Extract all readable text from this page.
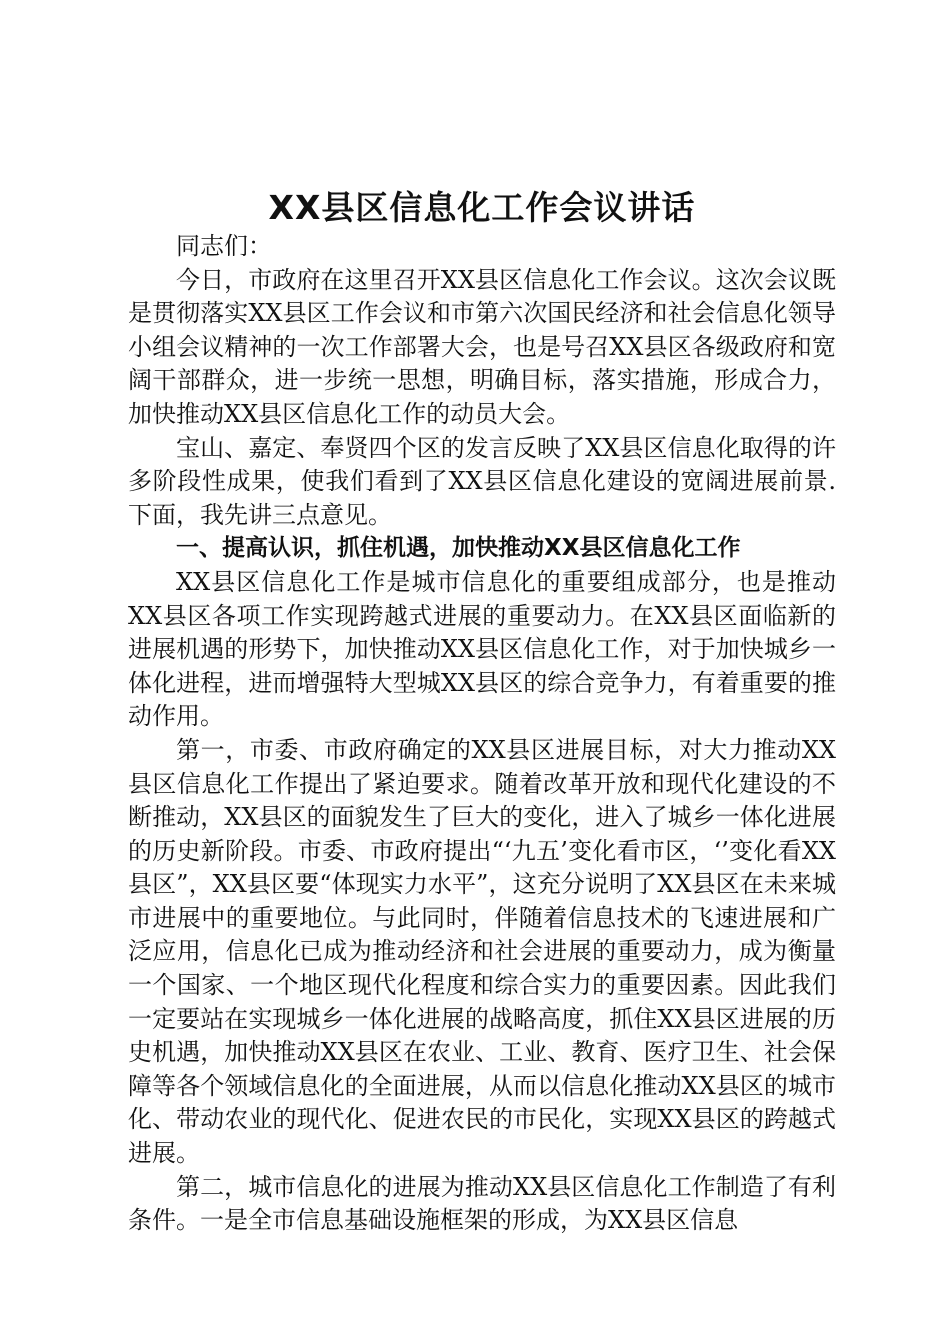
XX县区信息化工作会议讲话

同志们：

今日，市政府在这里召开XX县区信息化工作会议。这次会议既是贯彻落实XX县区工作会议和市第六次国民经济和社会信息化领导小组会议精神的一次工作部署大会，也是号召XX县区各级政府和宽阔干部群众，进一步统一思想，明确目标，落实措施，形成合力，加快推动XX县区信息化工作的动员大会。

宝山、嘉定、奉贤四个区的发言反映了XX县区信息化取得的许多阶段性成果，使我们看到了XX县区信息化建设的宽阔进展前景.下面，我先讲三点意见。

一、提高认识，抓住机遇，加快推动XX县区信息化工作

XX县区信息化工作是城市信息化的重要组成部分，也是推动XX县区各项工作实现跨越式进展的重要动力。在XX县区面临新的进展机遇的形势下，加快推动XX县区信息化工作，对于加快城乡一体化进程，进而增强特大型城XX县区的综合竞争力，有着重要的推动作用。

第一，市委、市政府确定的XX县区进展目标，对大力推动XX县区信息化工作提出了紧迫要求。随着改革开放和现代化建设的不断推动，XX县区的面貌发生了巨大的变化，进入了城乡一体化进展的历史新阶段。市委、市政府提出“‘九五’变化看市区，‘’变化看XX县区”，XX县区要“体现实力水平”，这充分说明了XX县区在未来城市进展中的重要地位。与此同时，伴随着信息技术的飞速进展和广泛应用，信息化已成为推动经济和社会进展的重要动力，成为衡量一个国家、一个地区现代化程度和综合实力的重要因素。因此我们一定要站在实现城乡一体化进展的战略高度，抓住XX县区进展的历史机遇，加快推动XX县区在农业、工业、教育、医疗卫生、社会保障等各个领域信息化的全面进展，从而以信息化推动XX县区的城市化、带动农业的现代化、促进农民的市民化，实现XX县区的跨越式进展。

第二，城市信息化的进展为推动XX县区信息化工作制造了有利条件。一是全市信息基础设施框架的形成，为XX县区信息
